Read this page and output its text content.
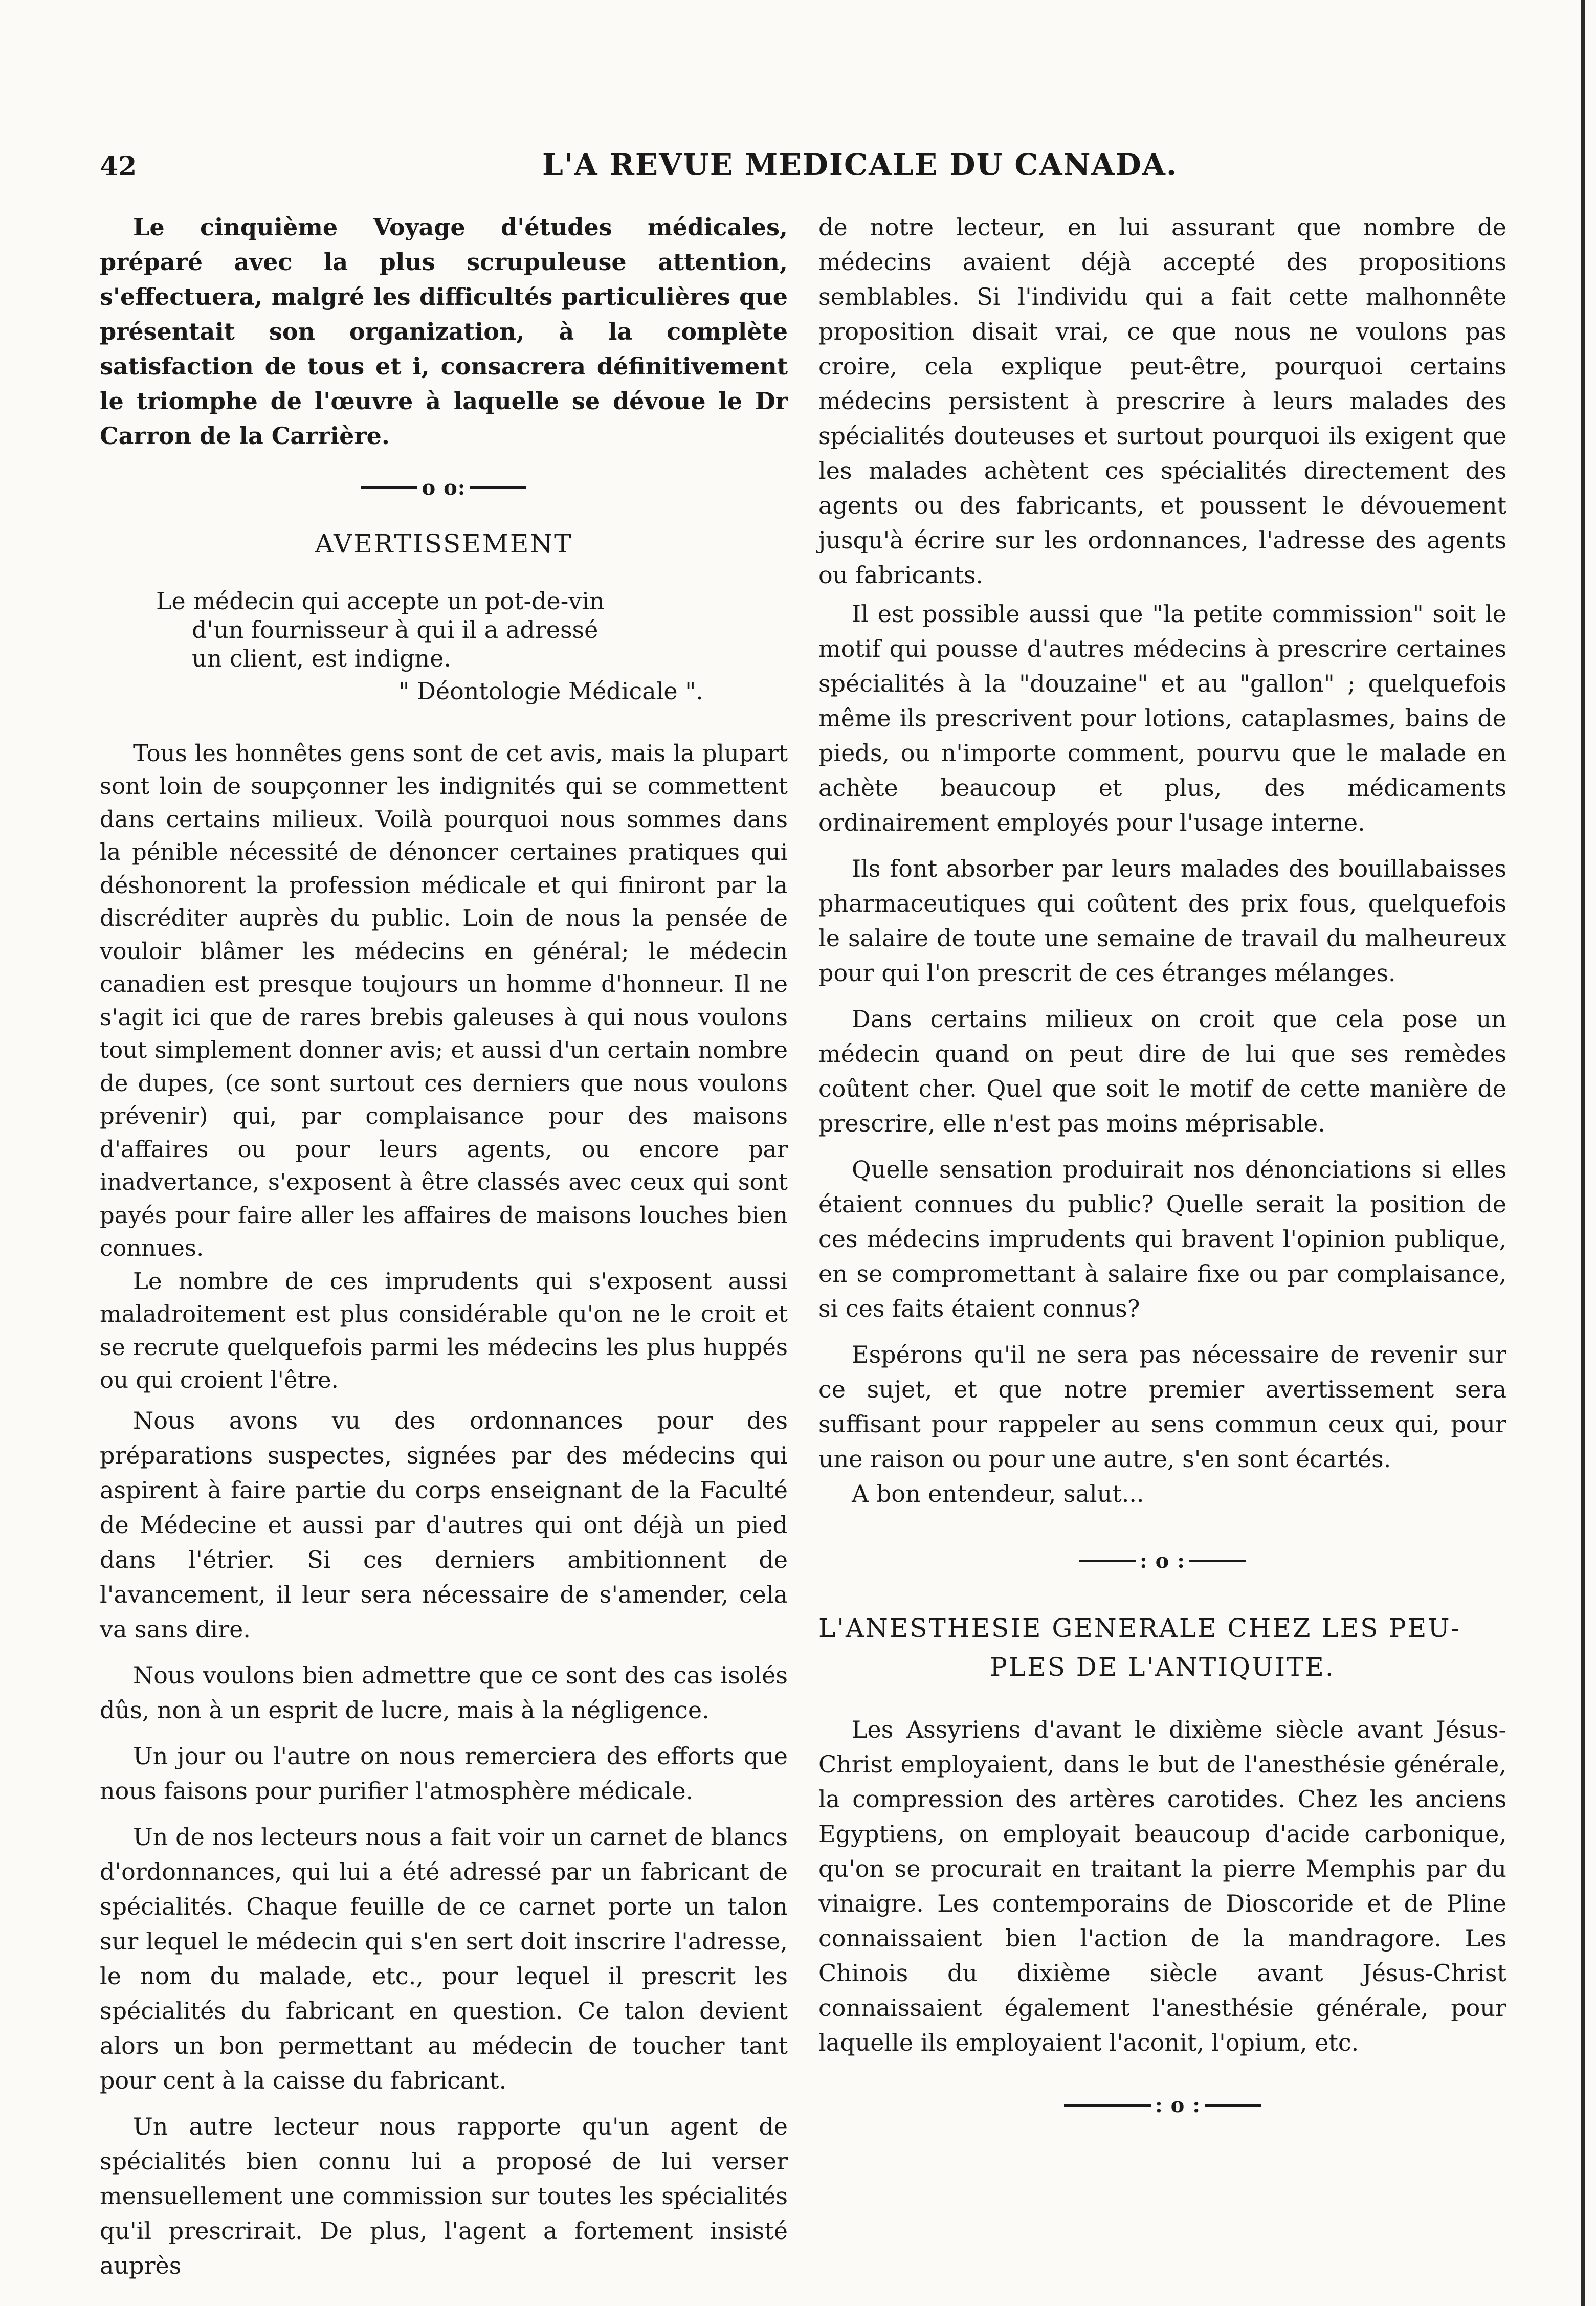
42	L'A REVUE MEDICALE DU CANADA.

Le cinquième Voyage d'études médicales, préparé avec la plus scrupuleuse attention, s'effectuera, malgré les difficultés particulières que présentait son organization, à la complète satisfaction de tous et i, consacrera définitivement le triomphe de l'œuvre à laquelle se dévoue le Dr Carron de la Carrière.

o o:

AVERTISSEMENT

Le médecin qui accepte un pot-de-vin

d'un fournisseur à qui il a adressé

un client, est indigne.

" Déontologie Médicale ".

Tous les honnêtes gens sont de cet avis, mais la plupart sont loin de soupçonner les indignités qui se commettent dans certains milieux. Voilà pourquoi nous sommes dans la pénible nécessité de dénoncer certaines pratiques qui déshonorent la profession médicale et qui finiront par la discréditer auprès du public. Loin de nous la pensée de vouloir blâmer les médecins en général; le médecin canadien est presque toujours un homme d'honneur. Il ne s'agit ici que de rares brebis galeuses à qui nous voulons tout simplement donner avis; et aussi d'un certain nombre de dupes, (ce sont surtout ces derniers que nous voulons prévenir) qui, par complaisance pour des maisons d'affaires ou pour leurs agents, ou encore par inadvertance, s'exposent à être classés avec ceux qui sont payés pour faire aller les affaires de maisons louches bien connues.

Le nombre de ces imprudents qui s'exposent aussi maladroitement est plus considérable qu'on ne le croit et se recrute quelquefois parmi les médecins les plus huppés ou qui croient l'être.

Nous avons vu des ordonnances pour des préparations suspectes, signées par des médecins qui aspirent à faire partie du corps enseignant de la Faculté de Médecine et aussi par d'autres qui ont déjà un pied dans l'étrier. Si ces derniers ambitionnent de l'avancement, il leur sera nécessaire de s'amender, cela va sans dire.

Nous voulons bien admettre que ce sont des cas isolés dûs, non à un esprit de lucre, mais à la négligence.

Un jour ou l'autre on nous remerciera des efforts que nous faisons pour purifier l'atmosphère médicale.

Un de nos lecteurs nous a fait voir un carnet de blancs d'ordonnances, qui lui a été adressé par un fabricant de spécialités. Chaque feuille de ce carnet porte un talon sur lequel le médecin qui s'en sert doit inscrire l'adresse, le nom du malade, etc., pour lequel il prescrit les spécialités du fabricant en question. Ce talon devient alors un bon permettant au médecin de toucher tant pour cent à la caisse du fabricant.

Un autre lecteur nous rapporte qu'un agent de spécialités bien connu lui a proposé de lui verser mensuellement une commission sur toutes les spécialités qu'il prescrirait. De plus, l'agent a fortement insisté auprès

de notre lecteur, en lui assurant que nombre de médecins avaient déjà accepté des propositions semblables. Si l'individu qui a fait cette malhonnête proposition disait vrai, ce que nous ne voulons pas croire, cela explique peut-être, pourquoi certains médecins persistent à prescrire à leurs malades des spécialités douteuses et surtout pourquoi ils exigent que les malades achètent ces spécialités directement des agents ou des fabricants, et poussent le dévouement jusqu'à écrire sur les ordonnances, l'adresse des agents ou fabricants.

Il est possible aussi que "la petite commission" soit le motif qui pousse d'autres médecins à prescrire certaines spécialités à la "douzaine" et au "gallon" ; quelquefois même ils prescrivent pour lotions, cataplasmes, bains de pieds, ou n'importe comment, pourvu que le malade en achète beaucoup et plus, des médicaments ordinairement employés pour l'usage interne.

Ils font absorber par leurs malades des bouillabaisses pharmaceutiques qui coûtent des prix fous, quelquefois le salaire de toute une semaine de travail du malheureux pour qui l'on prescrit de ces étranges mélanges.

Dans certains milieux on croit que cela pose un médecin quand on peut dire de lui que ses remèdes coûtent cher. Quel que soit le motif de cette manière de prescrire, elle n'est pas moins méprisable.

Quelle sensation produirait nos dénonciations si elles étaient connues du public? Quelle serait la position de ces médecins imprudents qui bravent l'opinion publique, en se compromettant à salaire fixe ou par complaisance, si ces faits étaient connus?

Espérons qu'il ne sera pas nécessaire de revenir sur ce sujet, et que notre premier avertissement sera suffisant pour rappeler au sens commun ceux qui, pour une raison ou pour une autre, s'en sont écartés.

A bon entendeur, salut...

: o :

L'ANESTHESIE GENERALE CHEZ LES PEU-

PLES DE L'ANTIQUITE.

Les Assyriens d'avant le dixième siècle avant Jésus-Christ employaient, dans le but de l'anesthésie générale, la compression des artères carotides. Chez les anciens Egyptiens, on employait beaucoup d'acide carbonique, qu'on se procurait en traitant la pierre Memphis par du vinaigre. Les contemporains de Dioscoride et de Pline connaissaient bien l'action de la mandragore. Les Chinois du dixième siècle avant Jésus-Christ connaissaient également l'anesthésie générale, pour laquelle ils employaient l'aconit, l'opium, etc.

: o :
